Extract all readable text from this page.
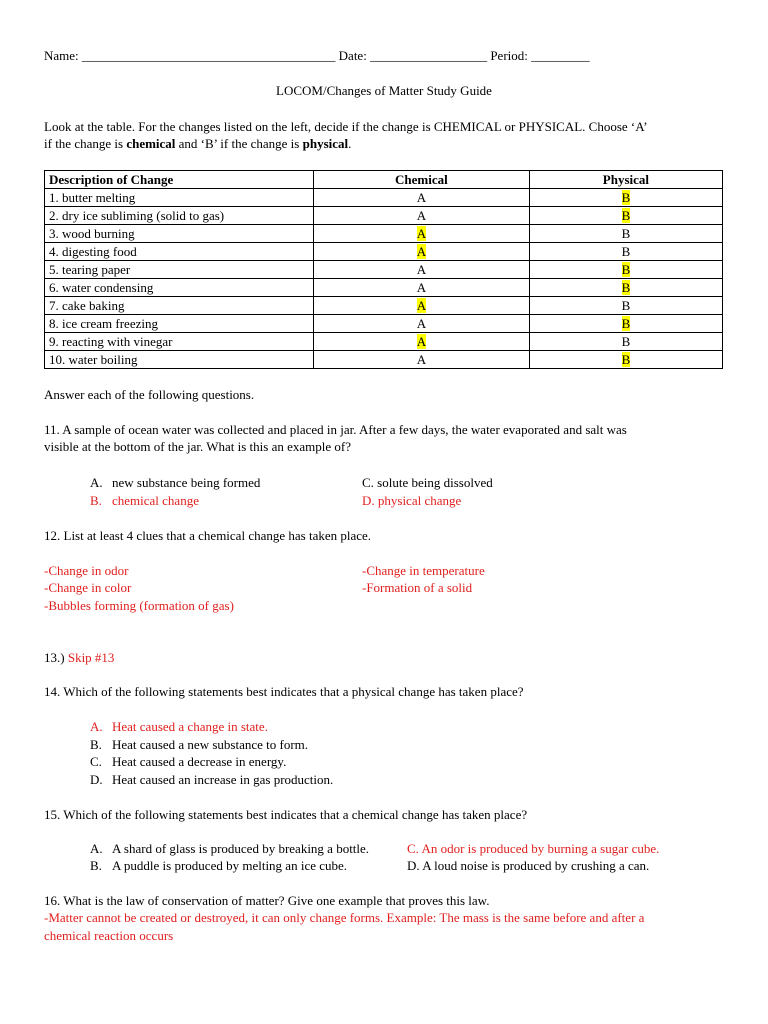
Name: _______________________________________ Date: __________________ Period: _________
LOCOM/Changes of Matter Study Guide
Look at the table. For the changes listed on the left, decide if the change is CHEMICAL or PHYSICAL. Choose ‘A’
if the change is chemical and ‘B’ if the change is physical.
Description of Change	Chemical	Physical
1. butter melting	A	B
2. dry ice subliming (solid to gas)	A	B
3. wood burning	A	B
4. digesting food	A	B
5. tearing paper	A	B
6. water condensing	A	B
7. cake baking	A	B
8. ice cream freezing	A	B
9. reacting with vinegar	A	B
10. water boiling	A	B
Answer each of the following questions.
11. A sample of ocean water was collected and placed in jar. After a few days, the water evaporated and salt was
visible at the bottom of the jar. What is this an example of?
A. new substance being formed
B. chemical change
C. solute being dissolved
D. physical change
12. List at least 4 clues that a chemical change has taken place.
-Change in odor
-Change in color
-Bubbles forming (formation of gas)
-Change in temperature
-Formation of a solid
13.) Skip #13
14. Which of the following statements best indicates that a physical change has taken place?
A. Heat caused a change in state.
B. Heat caused a new substance to form.
C. Heat caused a decrease in energy.
D. Heat caused an increase in gas production.
15. Which of the following statements best indicates that a chemical change has taken place?
A. A shard of glass is produced by breaking a bottle.
B. A puddle is produced by melting an ice cube.
C. An odor is produced by burning a sugar cube.
D. A loud noise is produced by crushing a can.
16. What is the law of conservation of matter? Give one example that proves this law.
-Matter cannot be created or destroyed, it can only change forms. Example: The mass is the same before and after a
chemical reaction occurs
